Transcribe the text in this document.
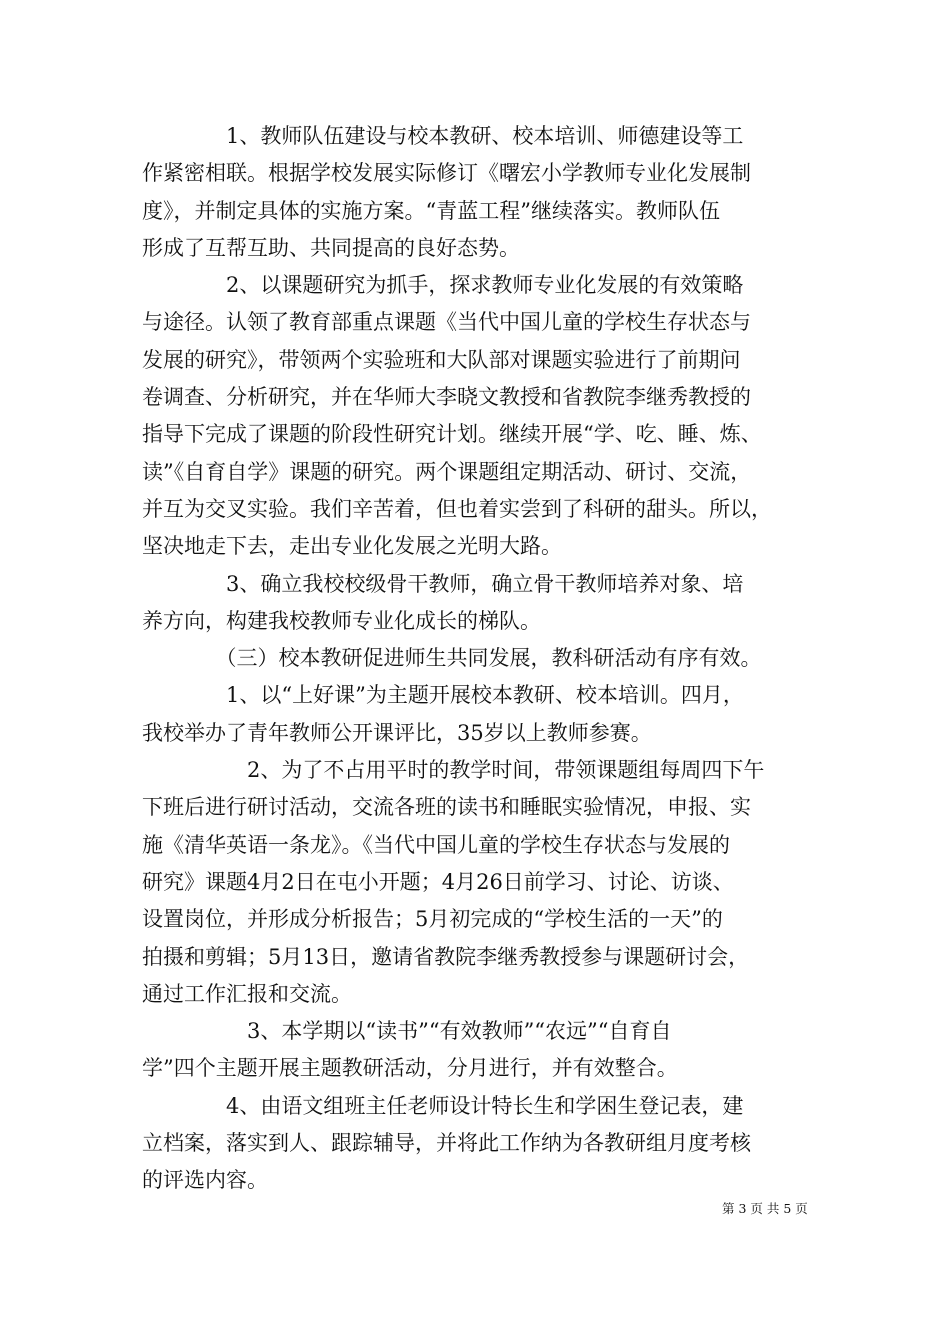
　　　　1、教师队伍建设与校本教研、校本培训、师德建设等工
作紧密相联。根据学校发展实际修订《曙宏小学教师专业化发展制
度》，并制定具体的实施方案。“青蓝工程”继续落实。教师队伍
形成了互帮互助、共同提高的良好态势。
　　　　2、以课题研究为抓手，探求教师专业化发展的有效策略
与途径。认领了教育部重点课题《当代中国儿童的学校生存状态与
发展的研究》，带领两个实验班和大队部对课题实验进行了前期问
卷调查、分析研究，并在华师大李晓文教授和省教院李继秀教授的
指导下完成了课题的阶段性研究计划。继续开展“学、吃、睡、炼、
读”《自育自学》课题的研究。两个课题组定期活动、研讨、交流，
并互为交叉实验。我们辛苦着，但也着实尝到了科研的甜头。所以，
坚决地走下去，走出专业化发展之光明大路。
　　　　3、确立我校校级骨干教师，确立骨干教师培养对象、培
养方向，构建我校教师专业化成长的梯队。
　　　　（三）校本教研促进师生共同发展，教科研活动有序有效。
　　　　1、以“上好课”为主题开展校本教研、校本培训。四月，
我校举办了青年教师公开课评比，35岁以上教师参赛。
　　　　　2、为了不占用平时的教学时间，带领课题组每周四下午
下班后进行研讨活动，交流各班的读书和睡眠实验情况，申报、实
施《清华英语一条龙》。《当代中国儿童的学校生存状态与发展的
研究》课题4月2日在屯小开题；4月26日前学习、讨论、访谈、
设置岗位，并形成分析报告；5月初完成的“学校生活的一天”的
拍摄和剪辑；5月13日，邀请省教院李继秀教授参与课题研讨会，
通过工作汇报和交流。
　　　　　3、本学期以“读书”“有效教师”“农远”“自育自
学”四个主题开展主题教研活动，分月进行，并有效整合。
　　　　4、由语文组班主任老师设计特长生和学困生登记表，建
立档案，落实到人、跟踪辅导，并将此工作纳为各教研组月度考核
的评选内容。
第 3 页 共 5 页
